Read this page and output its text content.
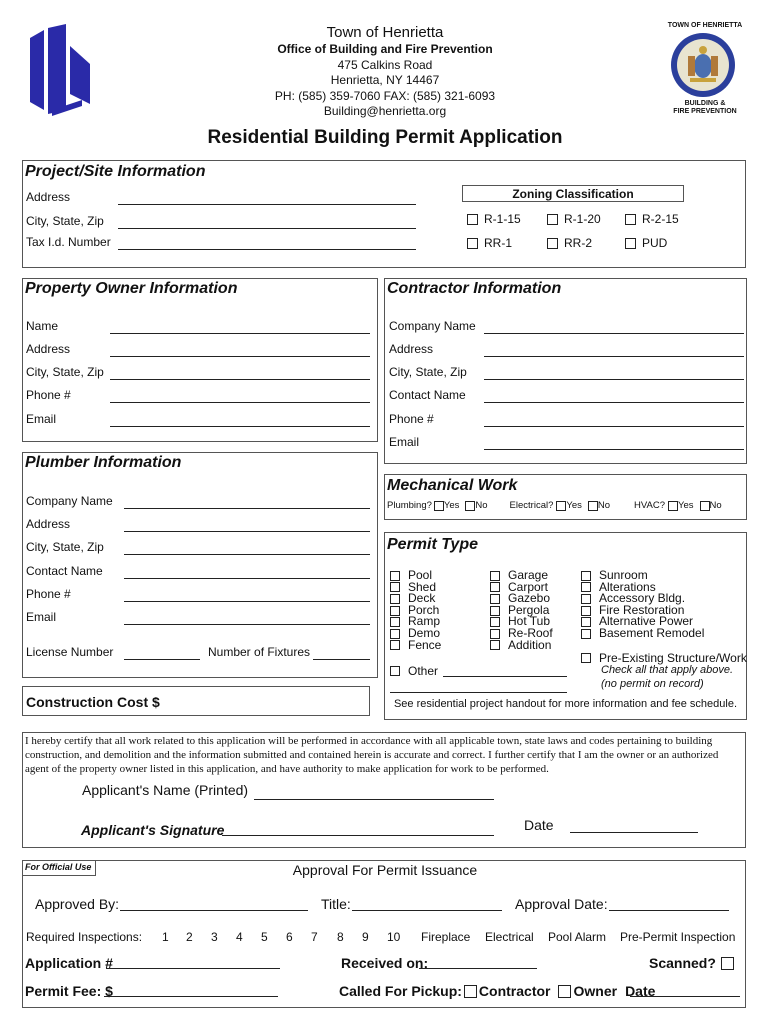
Town of Henrietta
Office of Building and Fire Prevention
475 Calkins Road
Henrietta, NY 14467
PH: (585) 359-7060 FAX: (585) 321-6093
Building@henrietta.org
TOWN OF HENRIETTA
BUILDING &
FIRE PREVENTION
Residential Building Permit Application
Project/Site Information
Address
City, State, Zip
Tax I.d. Number
Zoning Classification
R-1-15	R-1-20	R-2-15
RR-1	RR-2	PUD
Property Owner Information
Name
Address
City, State, Zip
Phone #
Email
Contractor Information
Company Name
Address
City, State, Zip
Contact Name
Phone #
Email
Plumber Information
Company Name
Address
City, State, Zip
Contact Name
Phone #
Email
License Number	Number of Fixtures
Mechanical Work
Plumbing? Yes No Electrical? Yes No	HVAC? Yes No
Permit Type
Pool
Shed
Deck
Porch
Ramp
Demo
Fence
Garage
Carport
Gazebo
Pergola
Hot Tub
Re-Roof
Addition
Sunroom
Alterations
Accessory Bldg.
Fire Restoration
Alternative Power
Basement Remodel
Pre-Existing Structure/Work
Check all that apply above.
(no permit on record)
Other
See residential project handout for more information and fee schedule.
Construction Cost $
I hereby certify that all work related to this application will be performed in accordance with all applicable town, state laws and codes pertaining to building construction, and demolition and the information submitted and contained herein is accurate and correct. I further certify that I am the owner or an authorized agent of the property owner listed in this application, and have authority to make application for work to be performed.
Applicant's Name (Printed)
Applicant's Signature	Date
For Official Use	Approval For Permit Issuance
Approved By:	Title:	Approval Date:
Required Inspections: 1 2 3 4 5 6 7 8 9 10 Fireplace Electrical Pool Alarm Pre-Permit Inspection
Application #	Received on:	Scanned?
Permit Fee: $	Called For Pickup: Contractor Owner Date
